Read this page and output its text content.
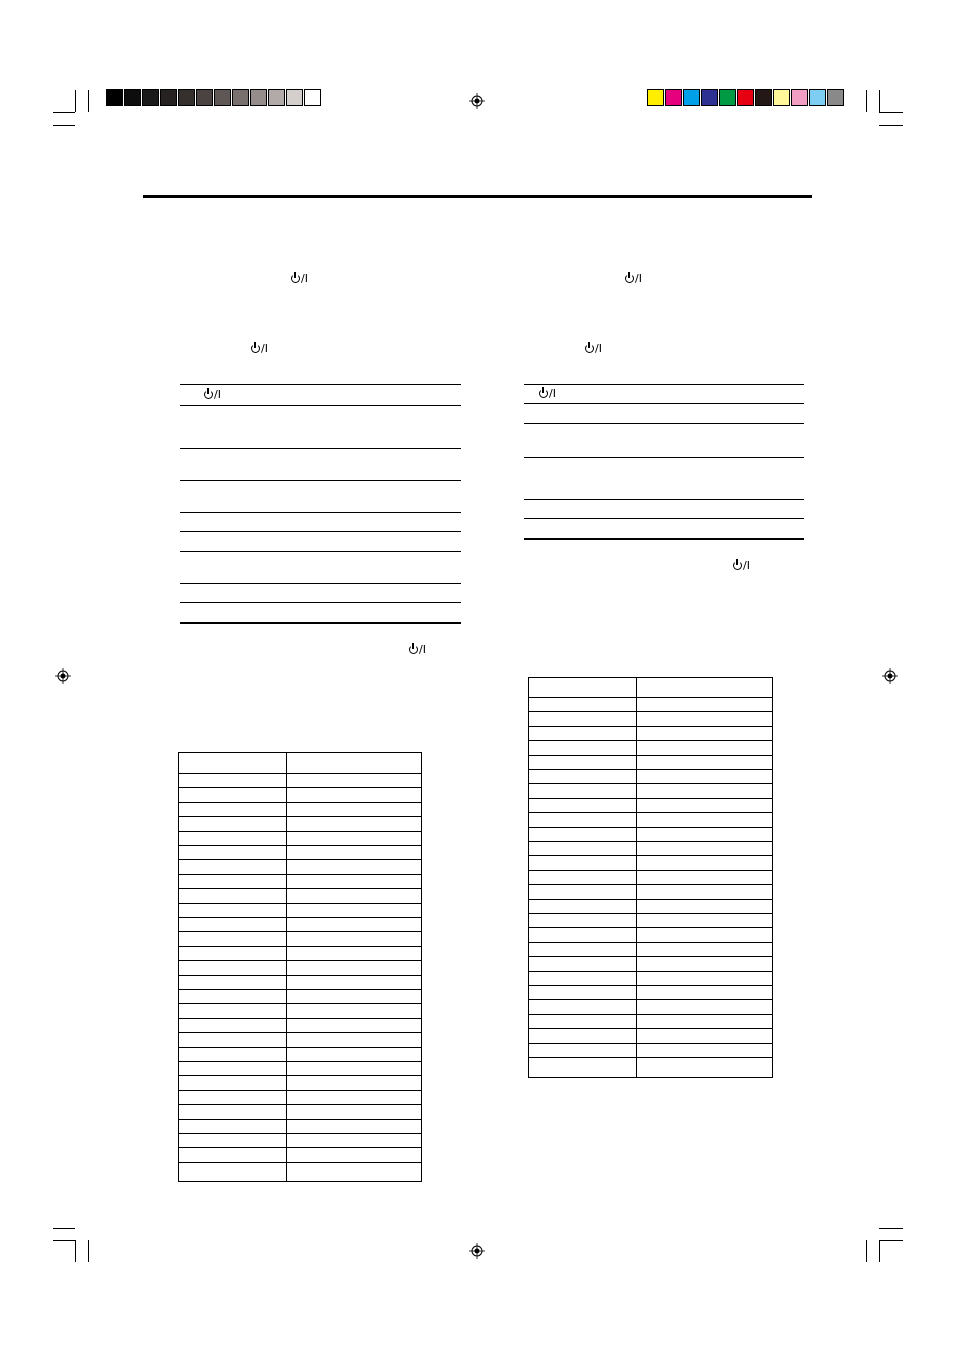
/I
/I
/I
/I
/I
/I
/I
/I
